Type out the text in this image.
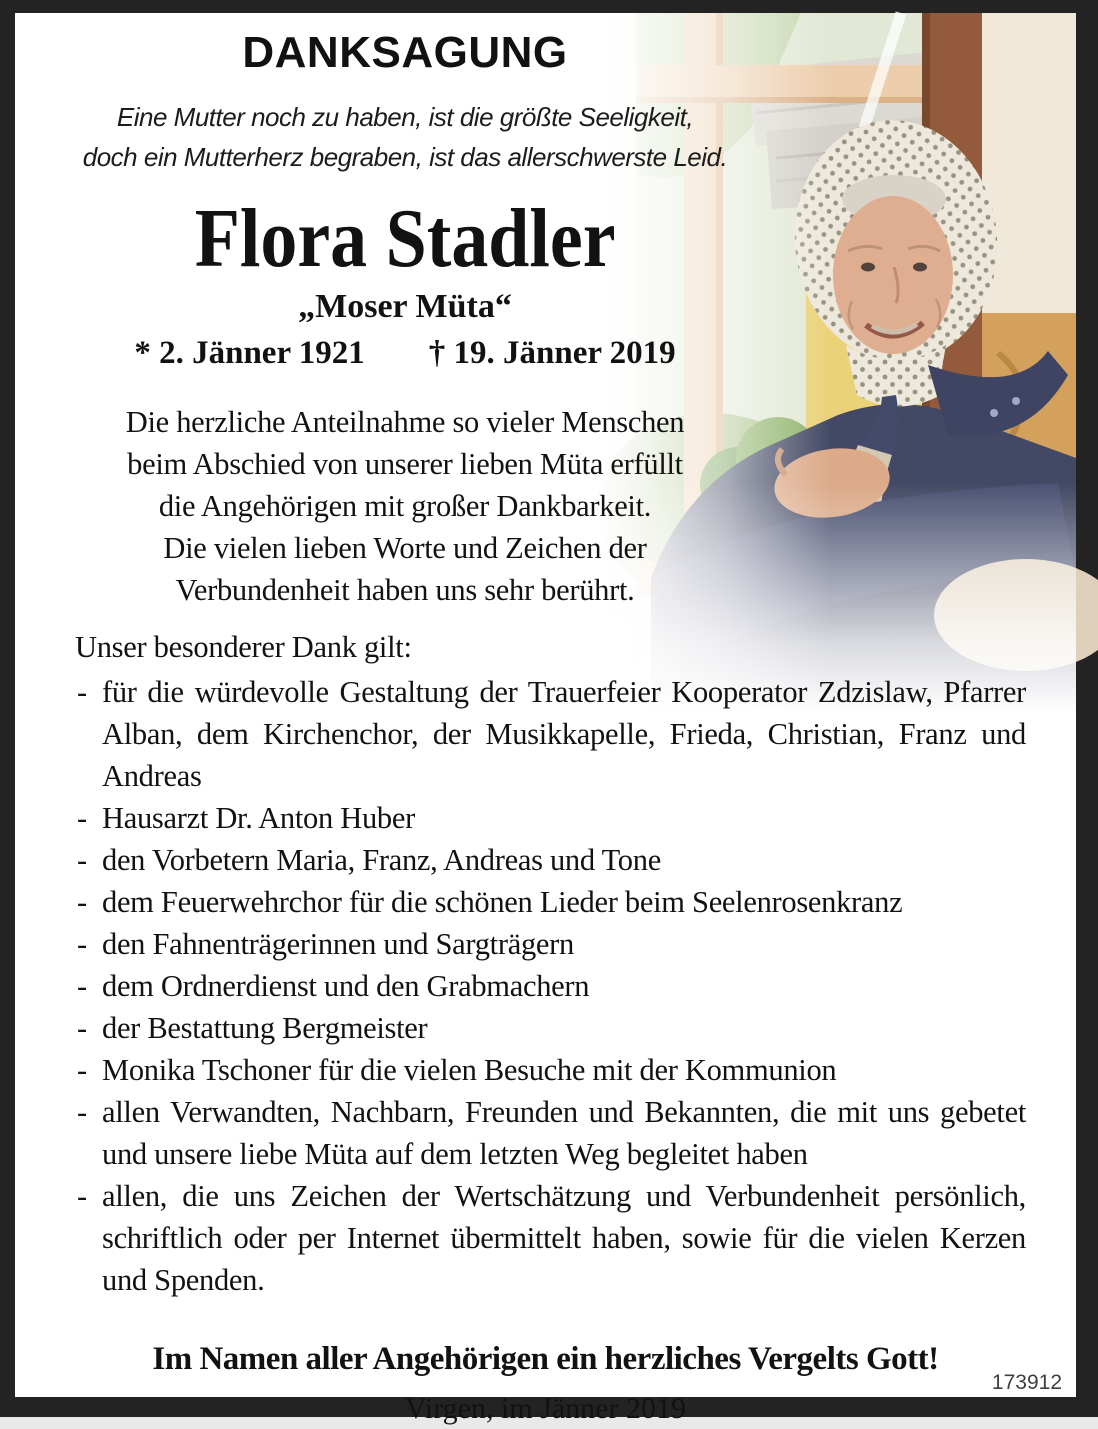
DANKSAGUNG
Eine Mutter noch zu haben, ist die größte Seeligkeit,
doch ein Mutterherz begraben, ist das allerschwerste Leid.
Flora Stadler
„Moser Müta“
* 2. Jänner 1921 † 19. Jänner 2019
Die herzliche Anteilnahme so vieler Menschen
beim Abschied von unserer lieben Müta erfüllt
die Angehörigen mit großer Dankbarkeit.
Die vielen lieben Worte und Zeichen der
Verbundenheit haben uns sehr berührt.
Unser besonderer Dank gilt:
- für die würdevolle Gestaltung der Trauerfeier Kooperator Zdzislaw, Pfarrer Alban, dem Kirchenchor, der Musikkapelle, Frieda, Christian, Franz und Andreas
- Hausarzt Dr. Anton Huber
- den Vorbetern Maria, Franz, Andreas und Tone
- dem Feuerwehrchor für die schönen Lieder beim Seelenrosenkranz
- den Fahnenträgerinnen und Sargträgern
- dem Ordnerdienst und den Grabmachern
- der Bestattung Bergmeister
- Monika Tschoner für die vielen Besuche mit der Kommunion
- allen Verwandten, Nachbarn, Freunden und Bekannten, die mit uns gebetet und unsere liebe Müta auf dem letzten Weg begleitet haben
- allen, die uns Zeichen der Wertschätzung und Verbundenheit persönlich, schriftlich oder per Internet übermittelt haben, sowie für die vielen Kerzen und Spenden.
Im Namen aller Angehörigen ein herzliches Vergelts Gott!
Virgen, im Jänner 2019
173912
